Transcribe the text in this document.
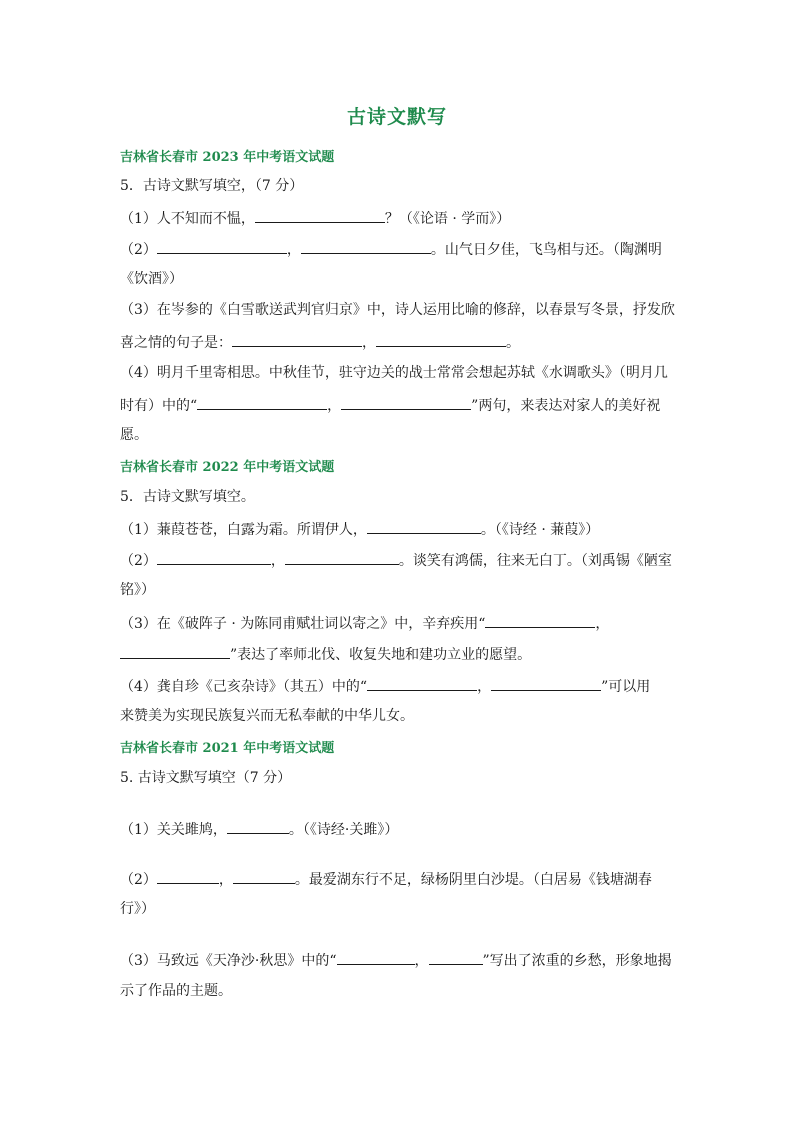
古诗文默写
吉林省长春市 2023 年中考语文试题
5．古诗文默写填空，（7 分）
（1）人不知而不愠，	？（《论语 · 学而》）
（2）	，	。山气日夕佳，飞鸟相与还。（陶渊明
《饮酒》）
（3）在岑参的《白雪歌送武判官归京》中，诗人运用比喻的修辞，以春景写冬景，抒发欣
喜之情的句子是：	，	。
（4）明月千里寄相思。中秋佳节，驻守边关的战士常常会想起苏轼《水调歌头》（明月几
时有）中的“	，	”两句，来表达对家人的美好祝
愿。
吉林省长春市 2022 年中考语文试题
5．古诗文默写填空。
（1）蒹葭苍苍，白露为霜。所谓伊人，	。（《诗经 · 蒹葭》）
（2）	，	。谈笑有鸿儒，往来无白丁。（刘禹锡《陋室
铭》）
（3）在《破阵子 · 为陈同甫赋壮词以寄之》中，辛弃疾用“	，
”表达了率师北伐、收复失地和建功立业的愿望。
（4）龚自珍《己亥杂诗》（其五）中的“	，	”可以用
来赞美为实现民族复兴而无私奉献的中华儿女。
吉林省长春市 2021 年中考语文试题
5. 古诗文默写填空（7 分）
（1）关关雎鸠，	。（《诗经·关雎》）
（2）	，	。最爱湖东行不足，绿杨阴里白沙堤。（白居易《钱塘湖春
行》）
（3）马致远《天净沙·秋思》中的“	，	”写出了浓重的乡愁，形象地揭
示了作品的主题。
